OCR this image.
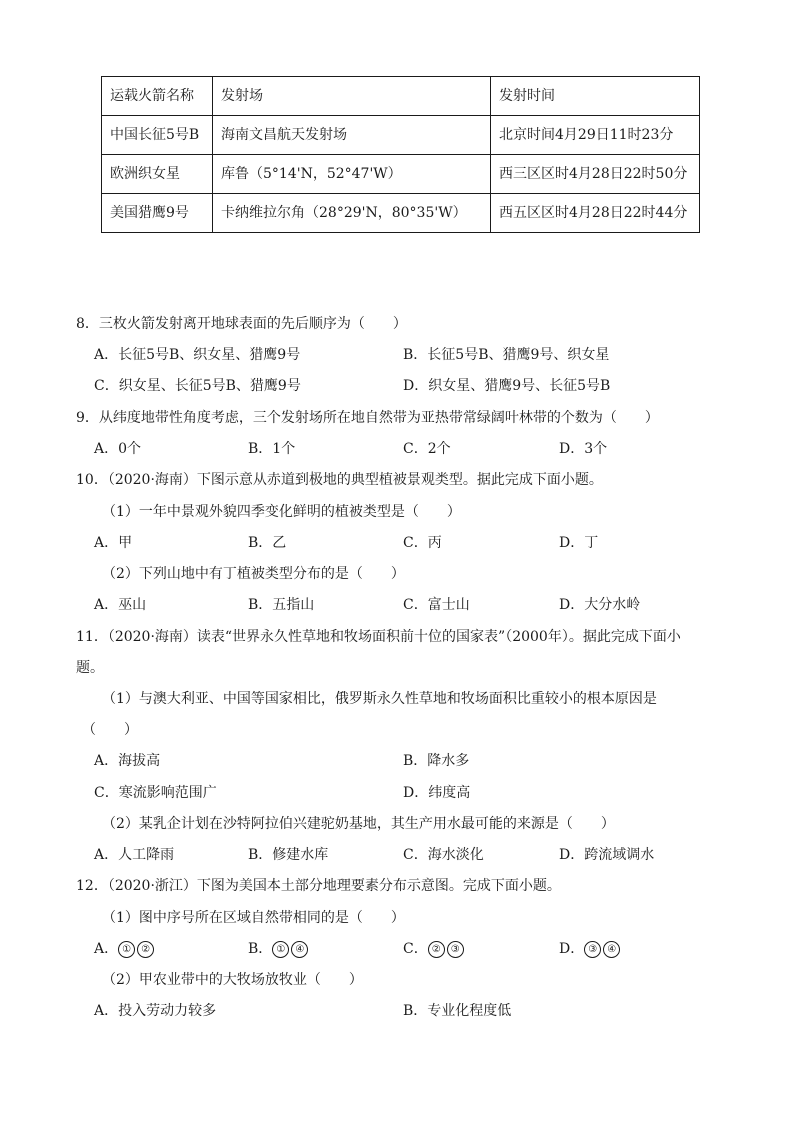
运载火箭名称	发射场	发射时间
中国长征5号B	海南文昌航天发射场	北京时间4月29日11时23分
欧洲织女星	库鲁（5°14'N，52°47'W）	西三区区时4月28日22时50分
美国猎鹰9号	卡纳维拉尔角（28°29'N，80°35'W）	西五区区时4月28日22时44分
8．三枚火箭发射离开地球表面的先后顺序为（　　）
A．长征5号B、织女星、猎鹰9号	B．长征5号B、猎鹰9号、织女星
C．织女星、长征5号B、猎鹰9号	D．织女星、猎鹰9号、长征5号B
9．从纬度地带性角度考虑，三个发射场所在地自然带为亚热带常绿阔叶林带的个数为（　　）
A．0个	B．1个	C．2个	D．3个
10．（2020·海南）下图示意从赤道到极地的典型植被景观类型。据此完成下面小题。
（1）一年中景观外貌四季变化鲜明的植被类型是（　　）
A．甲	B．乙	C．丙	D．丁
（2）下列山地中有丁植被类型分布的是（　　）
A．巫山	B．五指山	C．富士山	D．大分水岭
11．（2020·海南）读表“世界永久性草地和牧场面积前十位的国家表”（2000年）。据此完成下面小
题。
（1）与澳大利亚、中国等国家相比，俄罗斯永久性草地和牧场面积比重较小的根本原因是
（　　）
A．海拔高	B．降水多
C．寒流影响范围广	D．纬度高
（2）某乳企计划在沙特阿拉伯兴建驼奶基地，其生产用水最可能的来源是（　　）
A．人工降雨	B．修建水库	C．海水淡化	D．跨流域调水
12．（2020·浙江）下图为美国本土部分地理要素分布示意图。完成下面小题。
（1）图中序号所在区域自然带相同的是（　　）
A． ① ②	B． ① ④	C． ② ③	D． ③ ④
（2）甲农业带中的大牧场放牧业（　　）
A．投入劳动力较多	B．专业化程度低
